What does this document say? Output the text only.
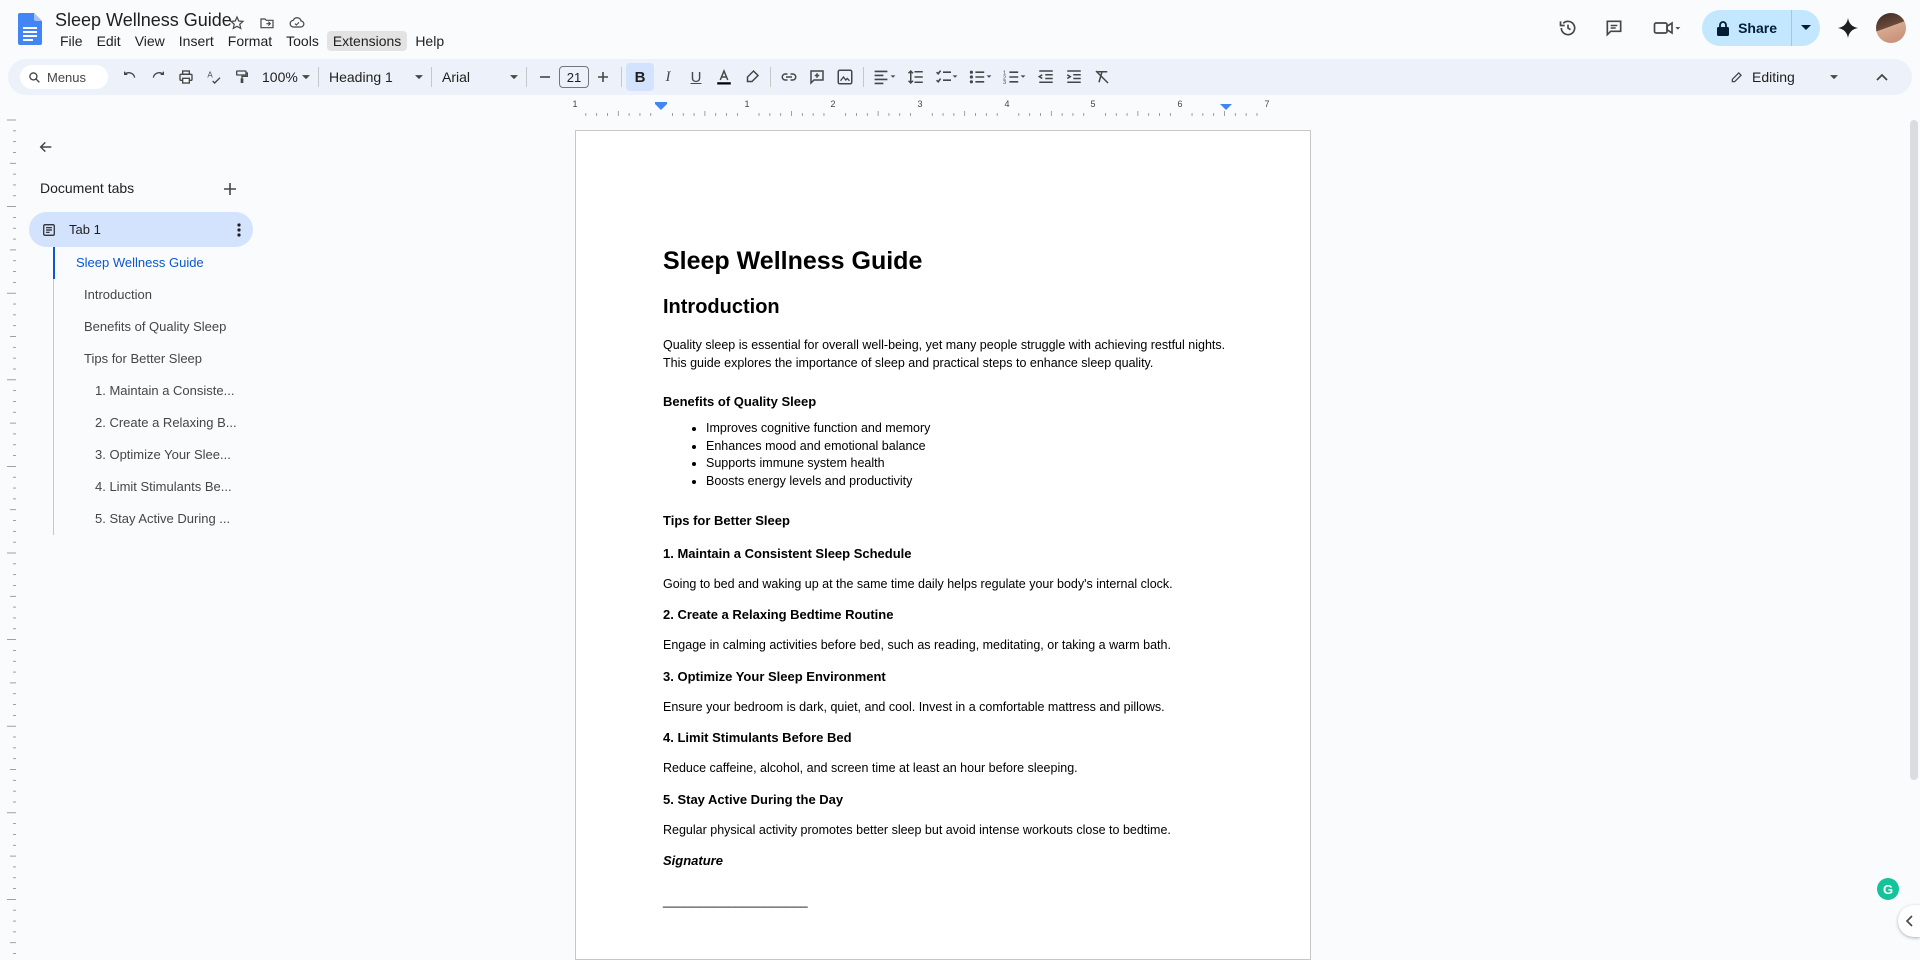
Sleep Wellness Guide
File	Edit	View	Insert	Format	Tools	Extensions	Help
Share
Menus	A	100% Heading 1	Arial	21	B I U	1
2
3	Editing
1	1	2	3	4	5	6	7
Document tabs
Tab 1
Sleep Wellness Guide
Introduction
Benefits of Quality Sleep
Tips for Better Sleep
1. Maintain a Consiste...
2. Create a Relaxing B...
3. Optimize Your Slee...
4. Limit Stimulants Be...
5. Stay Active During ...
Sleep Wellness Guide
Introduction
Quality sleep is essential for overall well-being, yet many people struggle with achieving restful nights. This guide explores the importance of sleep and practical steps to enhance sleep quality.
Benefits of Quality Sleep
• Improves cognitive function and memory
• Enhances mood and emotional balance
• Supports immune system health
• Boosts energy levels and productivity
Tips for Better Sleep
1. Maintain a Consistent Sleep Schedule
Going to bed and waking up at the same time daily helps regulate your body's internal clock.
2. Create a Relaxing Bedtime Routine
Engage in calming activities before bed, such as reading, meditating, or taking a warm bath.
3. Optimize Your Sleep Environment
Ensure your bedroom is dark, quiet, and cool. Invest in a comfortable mattress and pillows.
4. Limit Stimulants Before Bed
Reduce caffeine, alcohol, and screen time at least an hour before sleeping.
5. Stay Active During the Day
Regular physical activity promotes better sleep but avoid intense workouts close to bedtime.
Signature
____________________
G
